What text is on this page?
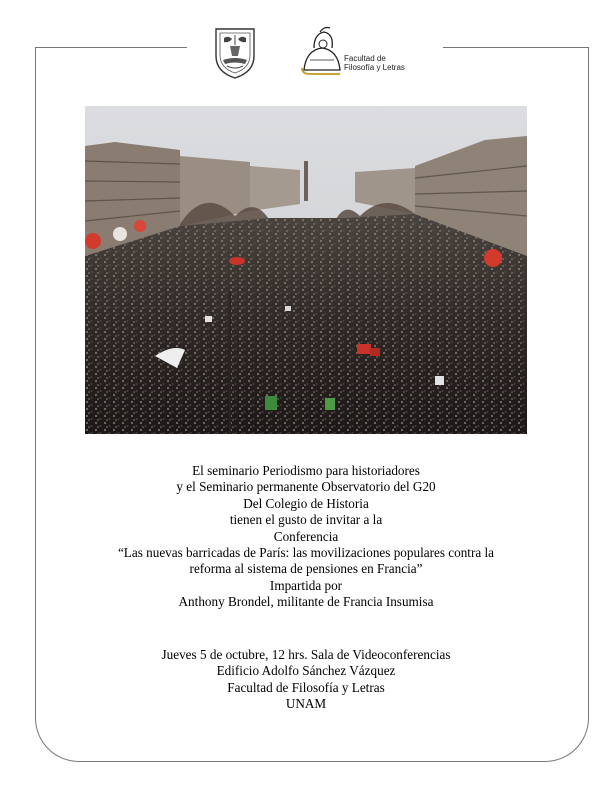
Facultad de
Filosofía y Letras
El seminario Periodismo para historiadores
y el Seminario permanente Observatorio del G20
Del Colegio de Historia
tienen el gusto de invitar a la
Conferencia
“Las nuevas barricadas de París: las movilizaciones populares contra la
reforma al sistema de pensiones en Francia”
Impartida por
Anthony Brondel, militante de Francia Insumisa
Jueves 5 de octubre, 12 hrs. Sala de Videoconferencias
Edificio Adolfo Sánchez Vázquez
Facultad de Filosofía y Letras
UNAM
